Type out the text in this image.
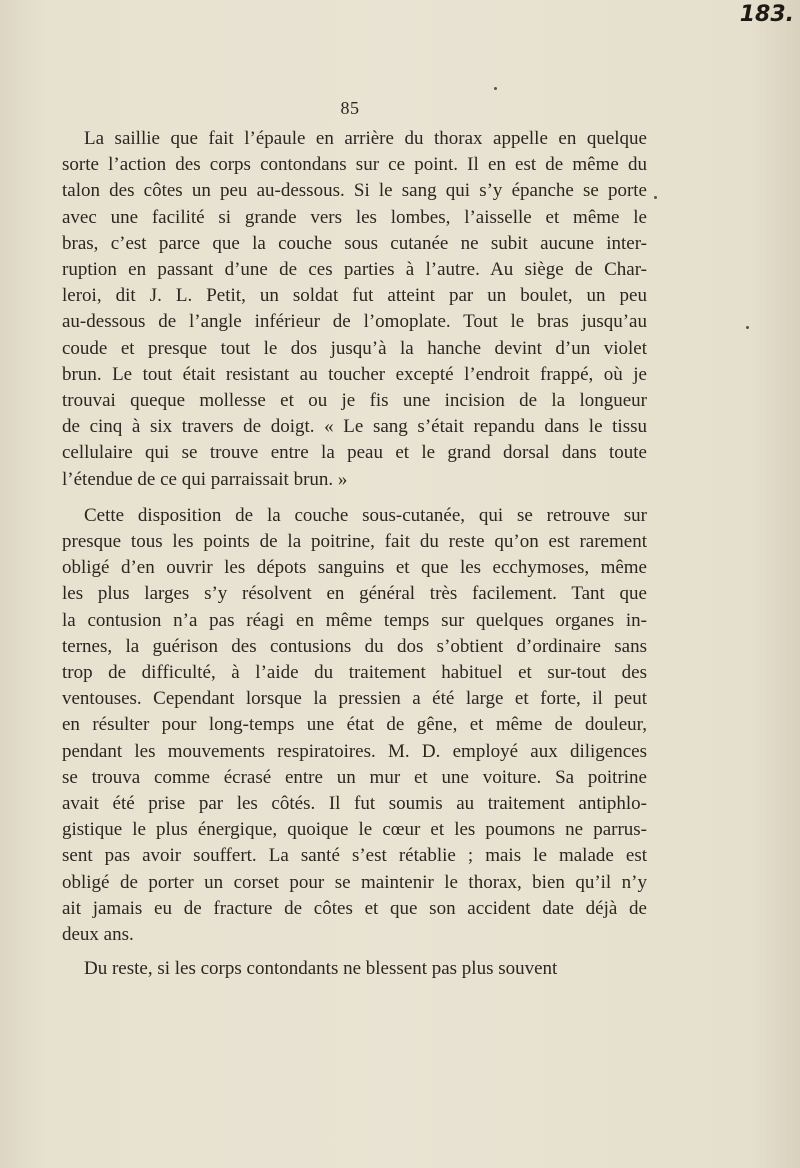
183.
85
La saillie que fait l’épaule en arrière du thorax appelle en quelque
sorte l’action des corps contondans sur ce point. Il en est de même du
talon des côtes un peu au-dessous. Si le sang qui s’y épanche se porte
avec une facilité si grande vers les lombes, l’aisselle et même le
bras, c’est parce que la couche sous cutanée ne subit aucune inter-
ruption en passant d’une de ces parties à l’autre. Au siège de Char-
leroi, dit J. L. Petit, un soldat fut atteint par un boulet, un peu
au-dessous de l’angle inférieur de l’omoplate. Tout le bras jusqu’au
coude et presque tout le dos jusqu’à la hanche devint d’un violet
brun. Le tout était resistant au toucher excepté l’endroit frappé, où je
trouvai queque mollesse et ou je fis une incision de la longueur
de cinq à six travers de doigt. « Le sang s’était repandu dans le tissu
cellulaire qui se trouve entre la peau et le grand dorsal dans toute
l’étendue de ce qui parraissait brun. »
Cette disposition de la couche sous-cutanée, qui se retrouve sur
presque tous les points de la poitrine, fait du reste qu’on est rarement
obligé d’en ouvrir les dépots sanguins et que les ecchymoses, même
les plus larges s’y résolvent en général très facilement. Tant que
la contusion n’a pas réagi en même temps sur quelques organes in-
ternes, la guérison des contusions du dos s’obtient d’ordinaire sans
trop de difficulté, à l’aide du traitement habituel et sur-tout des
ventouses. Cependant lorsque la pressien a été large et forte, il peut
en résulter pour long-temps une état de gêne, et même de douleur,
pendant les mouvements respiratoires. M. D. employé aux diligences
se trouva comme écrasé entre un mur et une voiture. Sa poitrine
avait été prise par les côtés. Il fut soumis au traitement antiphlo-
gistique le plus énergique, quoique le cœur et les poumons ne parrus-
sent pas avoir souffert. La santé s’est rétablie ; mais le malade est
obligé de porter un corset pour se maintenir le thorax, bien qu’il n’y
ait jamais eu de fracture de côtes et que son accident date déjà de
deux ans.
Du reste, si les corps contondants ne blessent pas plus souvent
